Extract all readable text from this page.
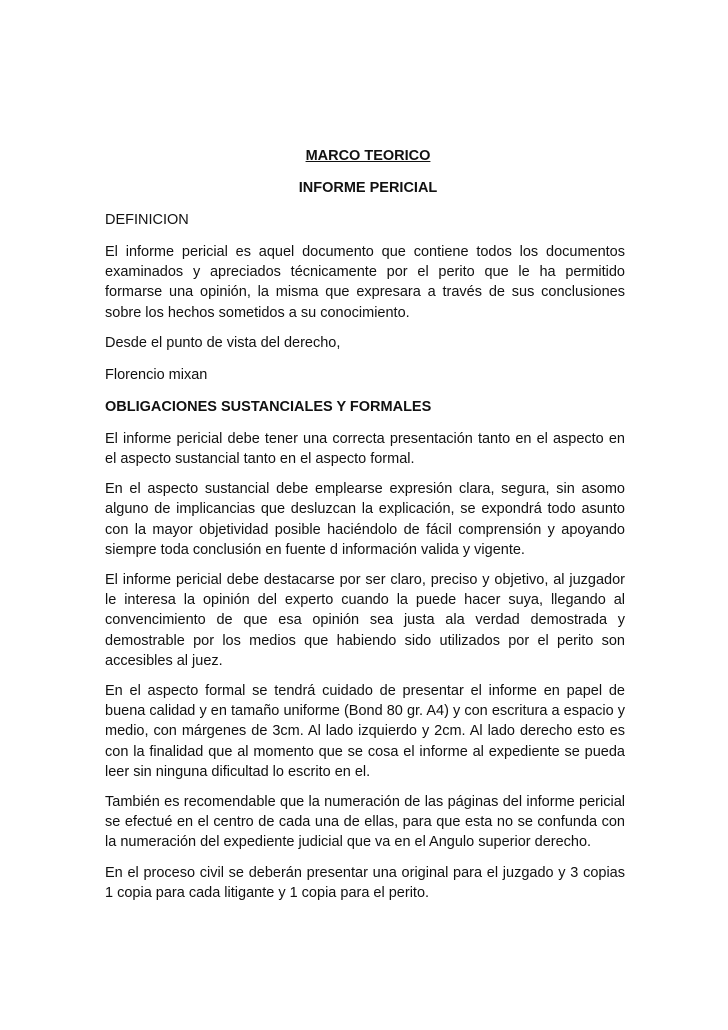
MARCO TEORICO
INFORME PERICIAL
DEFINICION

El informe pericial es aquel documento que contiene todos los documentos examinados y apreciados técnicamente por el perito que le ha permitido formarse una opinión, la misma que expresara a través de sus conclusiones sobre los hechos sometidos a su conocimiento.

Desde el punto de vista del derecho,

Florencio mixan

OBLIGACIONES SUSTANCIALES Y FORMALES

El informe pericial debe tener una correcta presentación tanto en el aspecto en el aspecto sustancial tanto en el aspecto formal.

En el aspecto sustancial debe emplearse expresión clara, segura, sin asomo alguno de implicancias que desluzcan la explicación, se expondrá todo asunto con la mayor objetividad posible haciéndolo de fácil comprensión y apoyando siempre toda conclusión en fuente d información valida y vigente.

El informe pericial debe destacarse por ser claro, preciso y objetivo, al juzgador le interesa la opinión del experto cuando la puede hacer suya, llegando al convencimiento de que esa opinión sea justa ala verdad demostrada y demostrable por los medios que habiendo sido utilizados por el perito son accesibles al juez.

En el aspecto formal se tendrá cuidado de presentar el informe en papel de buena calidad y en tamaño uniforme (Bond 80 gr. A4) y con escritura a espacio y medio, con márgenes de 3cm. Al lado izquierdo y 2cm. Al lado derecho esto es con la finalidad que al momento que se cosa el informe al expediente se pueda leer sin ninguna dificultad lo escrito en el.

También es recomendable que la numeración de las páginas del informe pericial se efectué en el centro de cada una de ellas, para que esta no se confunda con la numeración del expediente judicial que va en el Angulo superior derecho.

En el proceso civil se deberán presentar una original para el juzgado y 3 copias 1 copia para cada litigante y 1 copia para el perito.
